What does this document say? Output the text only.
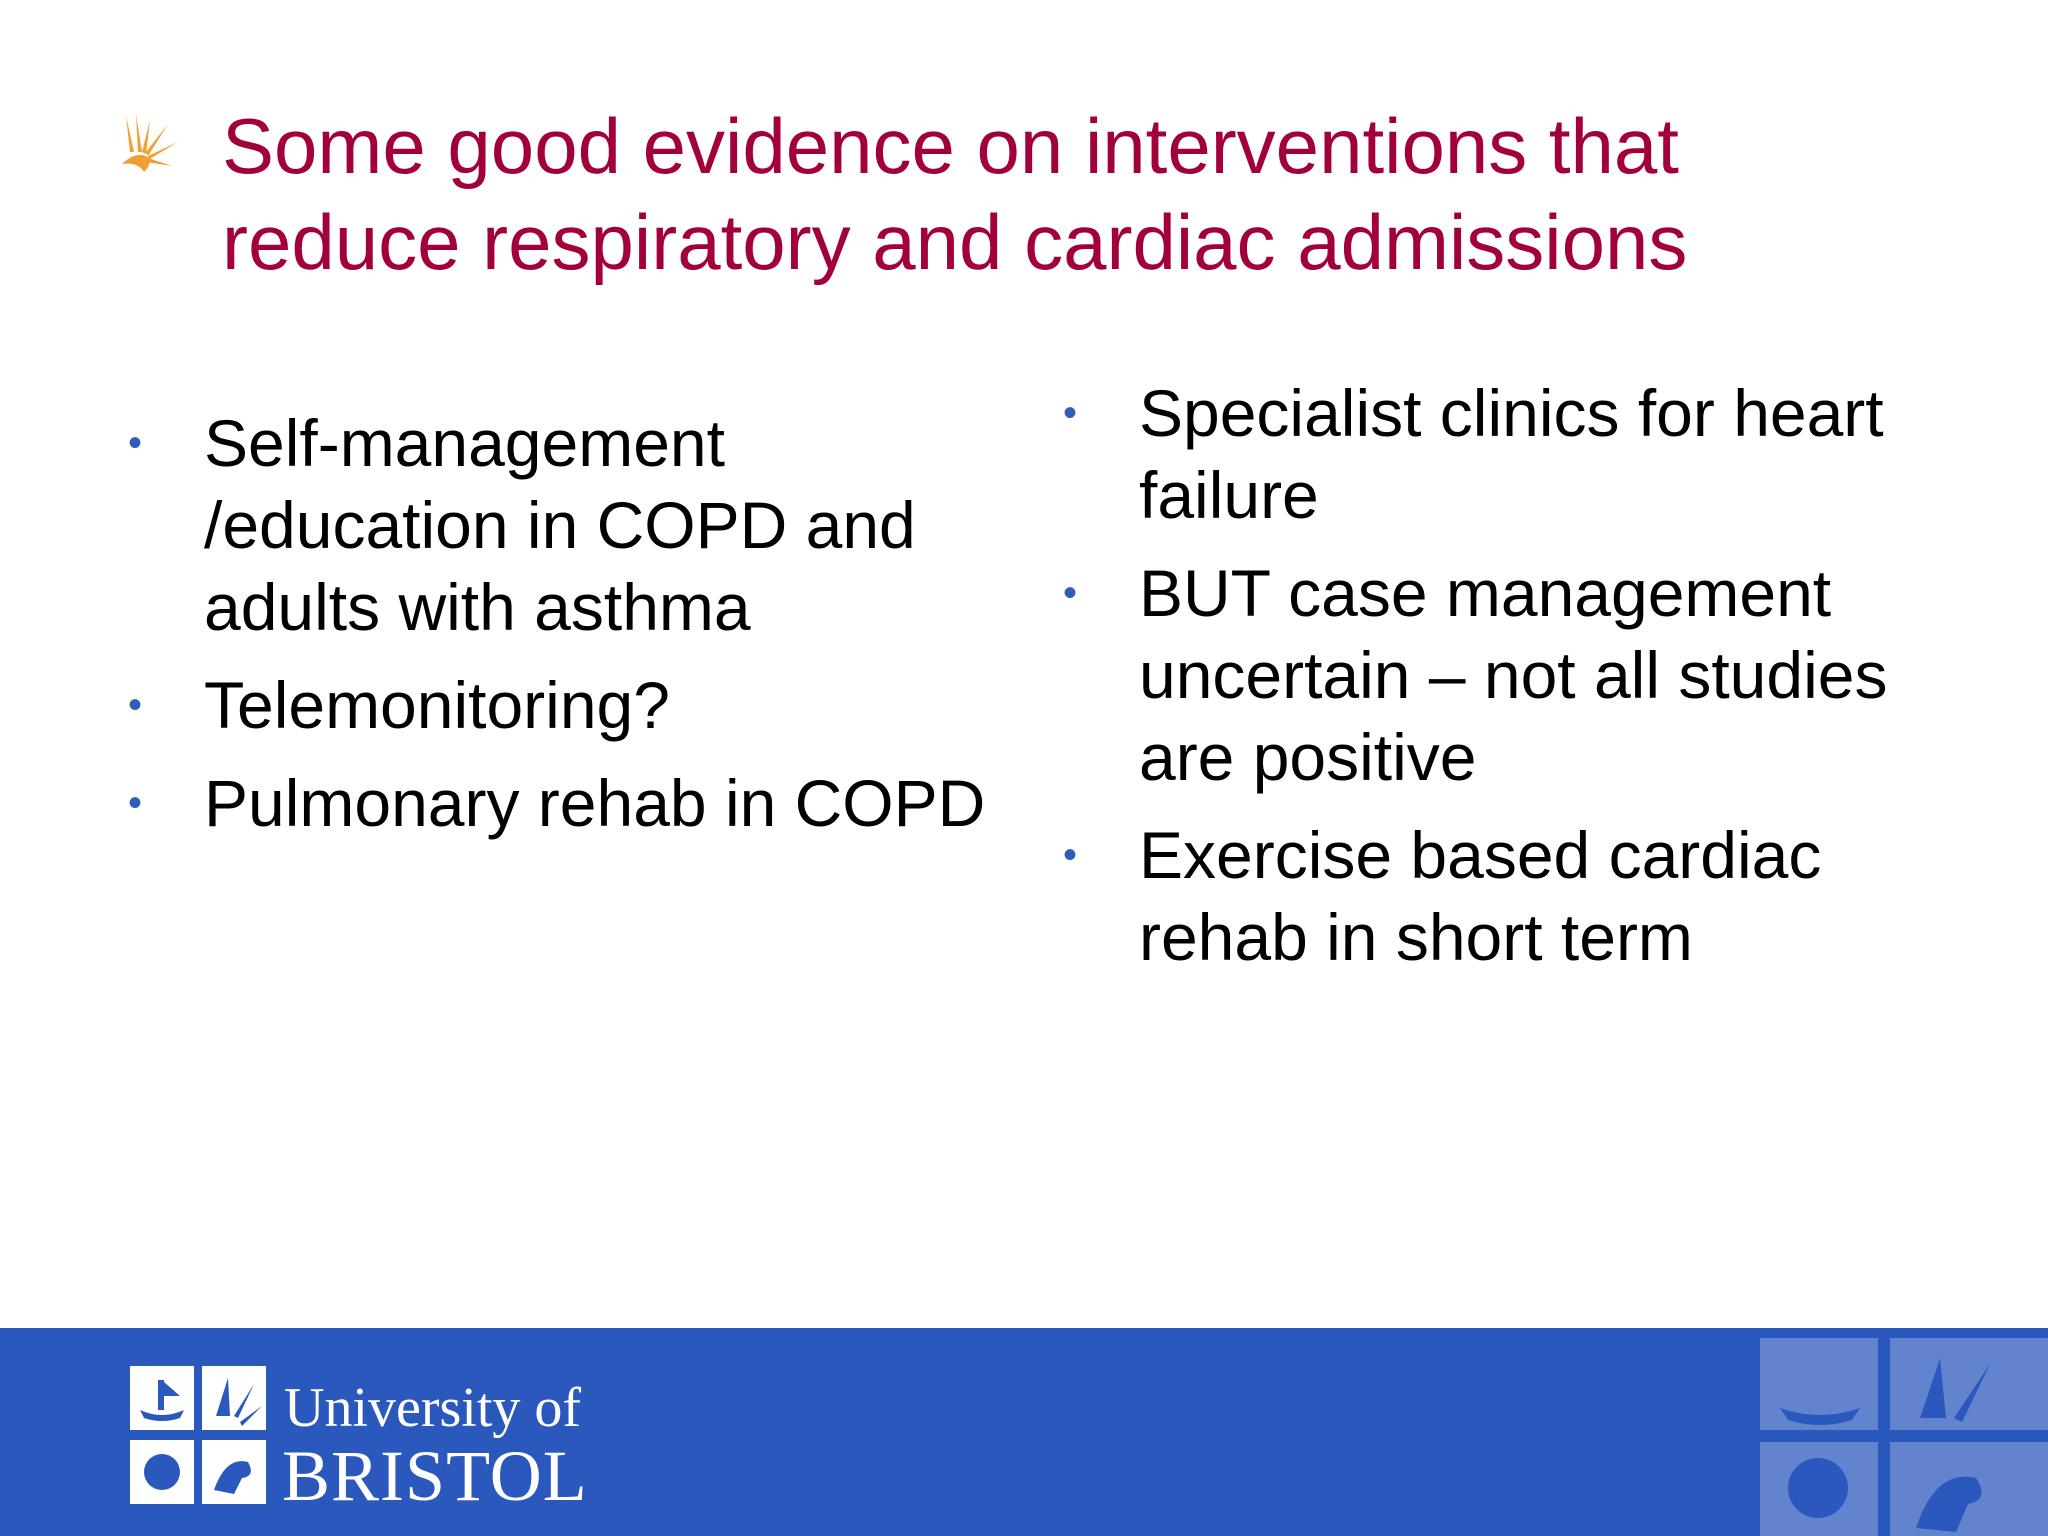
Some good evidence on interventions that reduce respiratory and cardiac admissions
• Self-management /education in COPD and adults with asthma
• Telemonitoring?
• Pulmonary rehab in COPD
• Specialist clinics for heart failure
• BUT case management uncertain – not all studies are positive
• Exercise based cardiac rehab in short term
University of
BRISTOL
